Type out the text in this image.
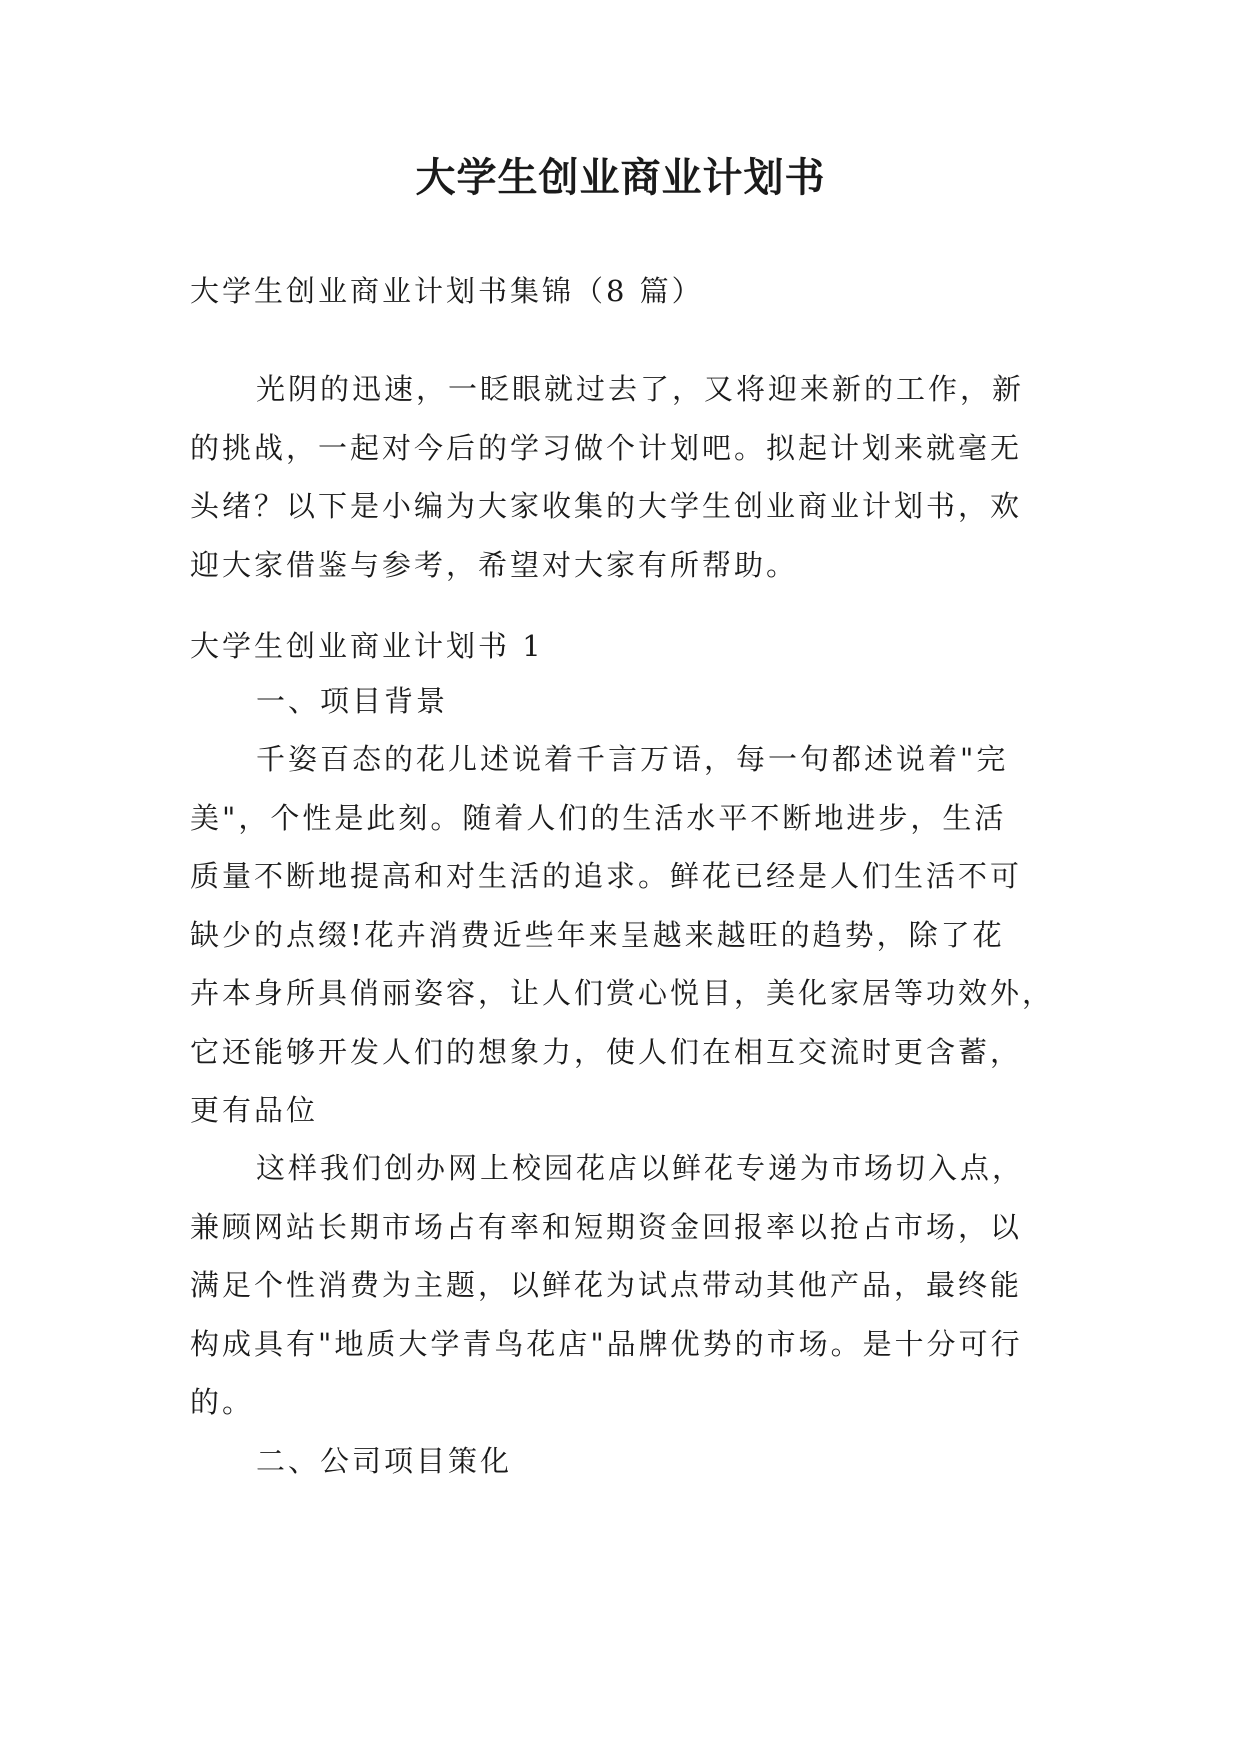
大学生创业商业计划书
大学生创业商业计划书集锦（8 篇）
光阴的迅速，一眨眼就过去了，又将迎来新的工作，新
的挑战，一起对今后的学习做个计划吧。拟起计划来就毫无
头绪？以下是小编为大家收集的大学生创业商业计划书，欢
迎大家借鉴与参考，希望对大家有所帮助。
大学生创业商业计划书 1
一、项目背景
千姿百态的花儿述说着千言万语，每一句都述说着"完
美"，个性是此刻。随着人们的生活水平不断地进步，生活
质量不断地提高和对生活的追求。鲜花已经是人们生活不可
缺少的点缀!花卉消费近些年来呈越来越旺的趋势，除了花
卉本身所具俏丽姿容，让人们赏心悦目，美化家居等功效外，
它还能够开发人们的想象力，使人们在相互交流时更含蓄，
更有品位
这样我们创办网上校园花店以鲜花专递为市场切入点，
兼顾网站长期市场占有率和短期资金回报率以抢占市场，以
满足个性消费为主题，以鲜花为试点带动其他产品，最终能
构成具有"地质大学青鸟花店"品牌优势的市场。是十分可行
的。
二、公司项目策化
